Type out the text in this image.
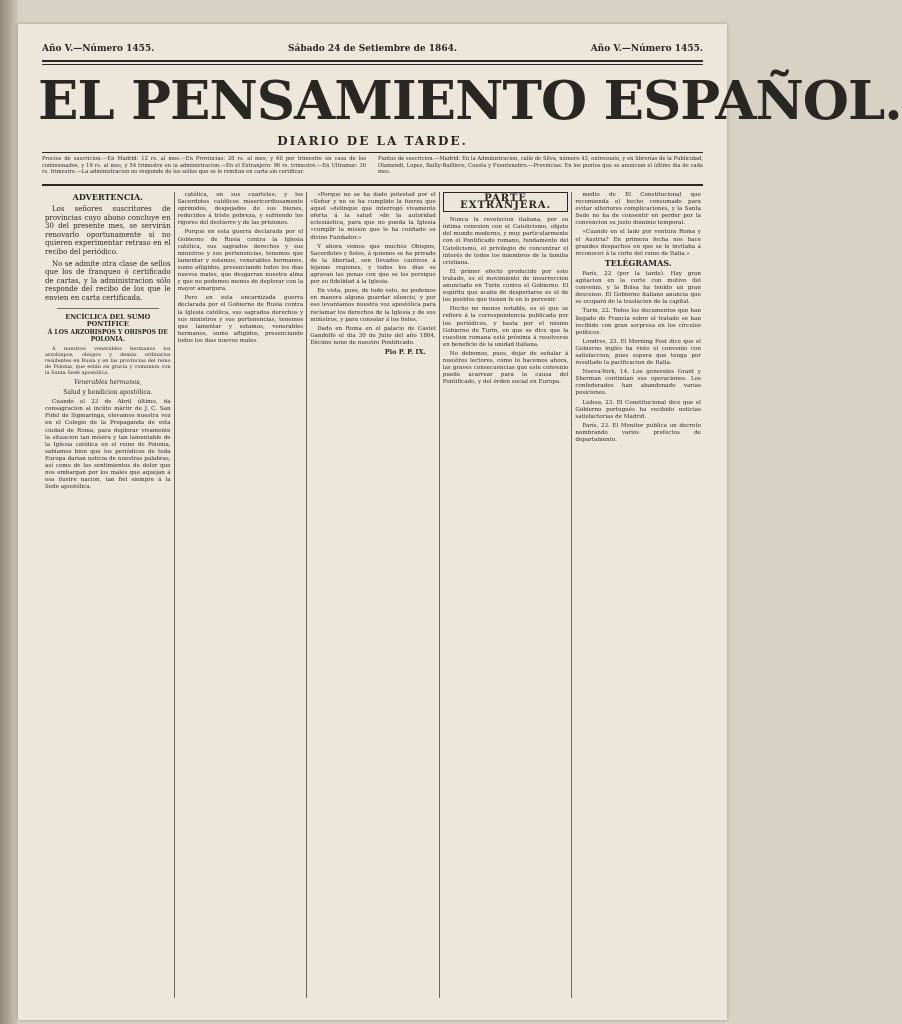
Año V.—Número 1455.	Sábado 24 de Setiembre de 1864.	Año V.—Número 1455.
EL PENSAMIENTO ESPAÑOL.
DIARIO DE LA TARDE.
Precios de suscricion.—En Madrid: 12 rs. al mes.—En Provincias: 20 rs. al mes, y 60 por trimestre en casa de los comisionados, y 19 rs. al mes, y 54 trimestre en la administracion.—En el Extranjero: 96 rs. trimestre.—En Ultramar: 30 rs. trimestre.—La administracion no responde de los sellos que se le remitan en carta sin certificar.
Puntos de suscricion.—Madrid: En la Administracion, calle de Silva, número 43, entresuelo, y en librerías de la Publicidad, Olamendi, Lopez, Bailly-Bailliere, Cuesta y Fuentenebro.—Provincias: En los puntos que se anuncian el último dia de cada mes.
ADVERTENCIA.

Los señores suscritores de provincias cuyo abono concluye en 30 del presente mes, se servirán renovarlo oportunamente si no quieren experimentar retraso en el recibo del periódico.

No se admite otra clase de sellos que los de franqueo ó certificado de cartas, y la administracion sólo responde del recibo de los que le envien en carta certificada.

ENCÍCLICA DEL SUMO PONTÍFICE
Á LOS ARZOBISPOS Y OBISPOS DE POLONIA.

Á nuestros venerables hermanos los arzobispos, obispos y demás ordinarios residentes en Rusia y en las provincias del reino de Polonia, que están en gracia y comunion con la Santa Sede apostólica.

Venerables hermanos,
Salud y bendicion apostólica.

Cuando el 23 de Abril último, da consagracion al inclito mártir de J. C. San Fidel de Sigmaringa, elevamos nuestra voz en el Colegio de la Propaganda de esta ciudad de Roma, para deplorar vivamente la situacion tan mísera y tan lamentable de la Iglesia católica en el reino de Polonia, sabíamos bien que los periódicos de toda Europa darian noticia de nuestras palabras, así como de los sentimientos de dolor que nos embargan por los males que aquejan á esa ilustre nacion, tan fiel siempre á la Sede apostólica.

católica, en sus cuarteles; y los Sacerdotes católicos misericordiosamente oprimidos, despojados de sus bienes, reducidos á triste pobreza, y sufriendo los rigores del destierro y de las prisiones.

Porque en esta guerra declarada por el Gobierno de Rusia contra la Iglesia católica, sus sagrados derechos y sus ministros y sus pertenencias, tenemos que lamentar y estamos, venerables hermanos, sumo afligidos, presenciando todos los dias nuevos males, que desgarran nuestra alma y que no podemos menos de deplorar con la mayor amargura.

Pero en esta encarnizada guerra declarada por el Gobierno de Rusia contra la Iglesia católica, sus sagrados derechos y sus ministros y sus pertenencias, tenemos que lamentar y estamos, venerables hermanos, sumo afligidos, presenciando todos los dias nuevos males.

«Porque no se ha dado potestad por el »Señor y no se ha cumplido la fuerza que aquel »delinque que interrogó vivamente oferta á la salud »de la autoridad eclesiástica, para que no pueda la Iglesia »cumplir la mision que le ha confiado su divino Fundador.»

Y ahora vemos que muchos Obispos, Sacerdotes y fieles, á quienes se ha privado de la libertad, son llevados cautivos á lejanas regiones, y todos los dias se agravan las penas con que se les persigue por su fidelidad á la Iglesia.

En vista, pues, de todo esto, no podemos en manera alguna guardar silencio, y por eso levantamos nuestra voz apostólica para reclamar los derechos de la Iglesia y de sus ministros, y para consolar á los fieles.

Dado en Roma en el palacio de Castel Gandolfo el dia 30 de Julio del año 1864, Décimo nono de nuestro Pontificado.

Pio P. P. IX.
PARTE EXTRANJERA.

Nunca la revolucion italiana, por su íntima conexion con el Catolicismo, objeto del mundo moderno, y muy particularmente con el Pontificado romano, fundamento del Catolicismo, el privilegio de concentrar el interés de todos los miembros de la familia cristiana.

El primer efecto producido por este tratado, es el movimiento de insurreccion anunciado en Turin contra el Gobierno. El espíritu que acaba de despertarse es el de los pueblos que tienen fe en lo porvenir.

Hecho no menos notable, es el que se refiere á la correspondencia publicada por los periódicos, y hasta por el mismo Gobierno de Turin, en que se dice que la cuestion romana está próxima á resolverse en beneficio de la unidad italiana.

No debemos, pues, dejar de señalar á nuestros lectores, como lo hacemos ahora, las graves consecuencias que este convenio puede acarrear para la causa del Pontificado, y del órden social en Europa.

medio de El Constitucional que recomienda el hecho consumado para evitar ulteriores complicaciones, y la Santa Sede no ha de consentir en perder por la convencion su justo dominio temporal.

«Cuando en el lado por ventura Roma y el Austria? En primera fecha nos hace grandes despachos en que se le invitaba á reconocer á la corte del reino de Italia.»

TELÉGRAMAS.

París, 22 (por la tarde). Hay gran agitacion en la corte con motivo del convenio, y la Bolsa ha tenido un gran descenso. El Gobierno italiano anuncia que se ocupará de la traslacion de la capital.

Turin, 22. Todos los documentos que han llegado de Francia sobre el tratado se han recibido con gran sorpresa en los círculos políticos.

Londres, 23. El Morning Post dice que el Gobierno inglés ha visto el convenio con satisfaccion, pues espera que tenga por resultado la pacificacion de Italia.

Nueva-York, 14. Los generales Grant y Sherman continúan sus operaciones. Los confederados han abandonado varias posiciones.

Lisboa, 23. El Constitucional dice que el Gobierno portugués ha recibido noticias satisfactorias de Madrid.

París, 23. El Monitor publica un decreto nombrando varios prefectos de departamento.
